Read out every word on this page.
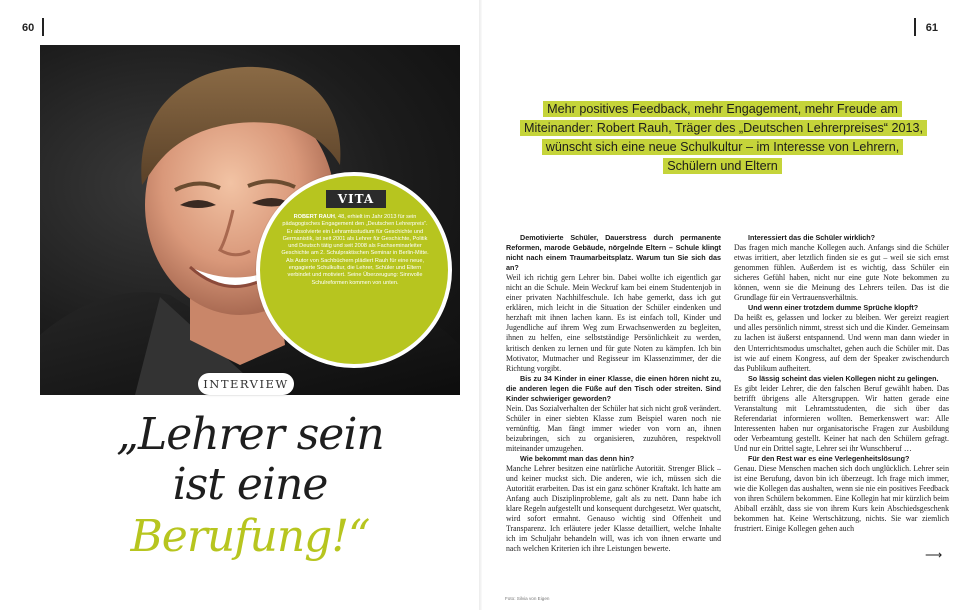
60	61
VITA
ROBERT RAUH, 48, erhielt im Jahr 2013 für sein pädagogisches Engagement den „Deutschen Lehrerpreis“. Er absolvierte ein Lehramtsstudium für Geschichte und Germanistik, ist seit 2001 als Lehrer für Geschichte, Politik und Deutsch tätig und seit 2008 als Fachseminarleiter Geschichte am 2. Schulpraktischen Seminar in Berlin-Mitte. Als Autor von Sachbüchern plädiert Rauh für eine neue, engagierte Schulkultur, die Lehrer, Schüler und Eltern verbindet und motiviert. Seine Überzeugung: Sinnvolle Schulreformen kommen von unten.
INTERVIEW
„Lehrer sein
ist eine
Berufung!“
Mehr positives Feedback, mehr Engagement, mehr Freude am Miteinander: Robert Rauh, Träger des „Deutschen Lehrerpreises“ 2013, wünscht sich eine neue Schulkultur – im Interesse von Lehrern, Schülern und Eltern

Demotivierte Schüler, Dauerstress durch permanente Reformen, marode Gebäude, nörgelnde Eltern – Schule klingt nicht nach einem Traumarbeitsplatz. Warum tun Sie sich das an?

Weil ich richtig gern Lehrer bin. Dabei wollte ich eigentlich gar nicht an die Schule. Mein Weckruf kam bei einem Studentenjob in einer privaten Nachhilfeschule. Ich habe gemerkt, dass ich gut erklären, mich leicht in die Situation der Schüler eindenken und herzhaft mit ihnen lachen kann. Es ist einfach toll, Kinder und Jugendliche auf ihrem Weg zum Erwachsenwerden zu begleiten, ihnen zu helfen, eine selbstständige Persönlichkeit zu werden, kritisch denken zu lernen und für gute Noten zu kämpfen. Ich bin Motivator, Mutmacher und Regisseur im Klassenzimmer, der die Richtung vorgibt.

Bis zu 34 Kinder in einer Klasse, die einen hören nicht zu, die anderen legen die Füße auf den Tisch oder streiten. Sind Kinder schwieriger geworden?

Nein. Das Sozialverhalten der Schüler hat sich nicht groß verändert. Schüler in einer siebten Klasse zum Beispiel waren noch nie vernünftig. Man fängt immer wieder von vorn an, ihnen beizubringen, sich zu organisieren, zuzuhören, respektvoll miteinander umzugehen.

Wie bekommt man das denn hin?

Manche Lehrer besitzen eine natürliche Autorität. Strenger Blick – und keiner muckst sich. Die anderen, wie ich, müssen sich die Autorität erarbeiten. Das ist ein ganz schöner Kraftakt. Ich hatte am Anfang auch Disziplinprobleme, galt als zu nett. Dann habe ich klare Regeln aufgestellt und konsequent durchgesetzt. Wer quatscht, wird sofort ermahnt. Genauso wichtig sind Offenheit und Transparenz. Ich erläutere jeder Klasse detailliert, welche Inhalte ich im Schuljahr behandeln will, was ich von ihnen erwarte und nach welchen Kriterien ich ihre Leistungen bewerte.

Interessiert das die Schüler wirklich?

Das fragen mich manche Kollegen auch. Anfangs sind die Schüler etwas irritiert, aber letztlich finden sie es gut – weil sie sich ernst genommen fühlen. Außerdem ist es wichtig, dass Schüler ein sicheres Gefühl haben, nicht nur eine gute Note bekommen zu können, wenn sie die Meinung des Lehrers teilen. Das ist die Grundlage für ein Vertrauensverhältnis.

Und wenn einer trotzdem dumme Sprüche klopft?

Da heißt es, gelassen und locker zu bleiben. Wer gereizt reagiert und alles persönlich nimmt, stresst sich und die Kinder. Gemeinsam zu lachen ist äußerst entspannend. Und wenn man dann wieder in den Unterrichtsmodus umschaltet, gehen auch die Schüler mit. Das ist wie auf einem Kongress, auf dem der Speaker zwischendurch das Publikum aufheitert.

So lässig scheint das vielen Kollegen nicht zu gelingen.

Es gibt leider Lehrer, die den falschen Beruf gewählt haben. Das betrifft übrigens alle Altersgruppen. Wir hatten gerade eine Veranstaltung mit Lehramtsstudenten, die sich über das Referendariat informieren wollten. Bemerkenswert war: Alle Interessenten haben nur organisatorische Fragen zur Ausbildung oder Verbeamtung gestellt. Keiner hat nach den Schülern gefragt. Und nur ein Drittel sagte, Lehrer sei ihr Wunschberuf …

Für den Rest war es eine Verlegenheitslösung?

Genau. Diese Menschen machen sich doch unglücklich. Lehrer sein ist eine Berufung, davon bin ich überzeugt. Ich frage mich immer, wie die Kollegen das aushalten, wenn sie nie ein positives Feedback von ihren Schülern bekommen. Eine Kollegin hat mir kürzlich beim Abiball erzählt, dass sie von ihrem Kurs kein Abschiedsgeschenk bekommen hat. Keine Wertschätzung, nichts. Sie war ziemlich frustriert. Einige Kollegen gehen auch

⟶
Foto: Silvia von Eigen
